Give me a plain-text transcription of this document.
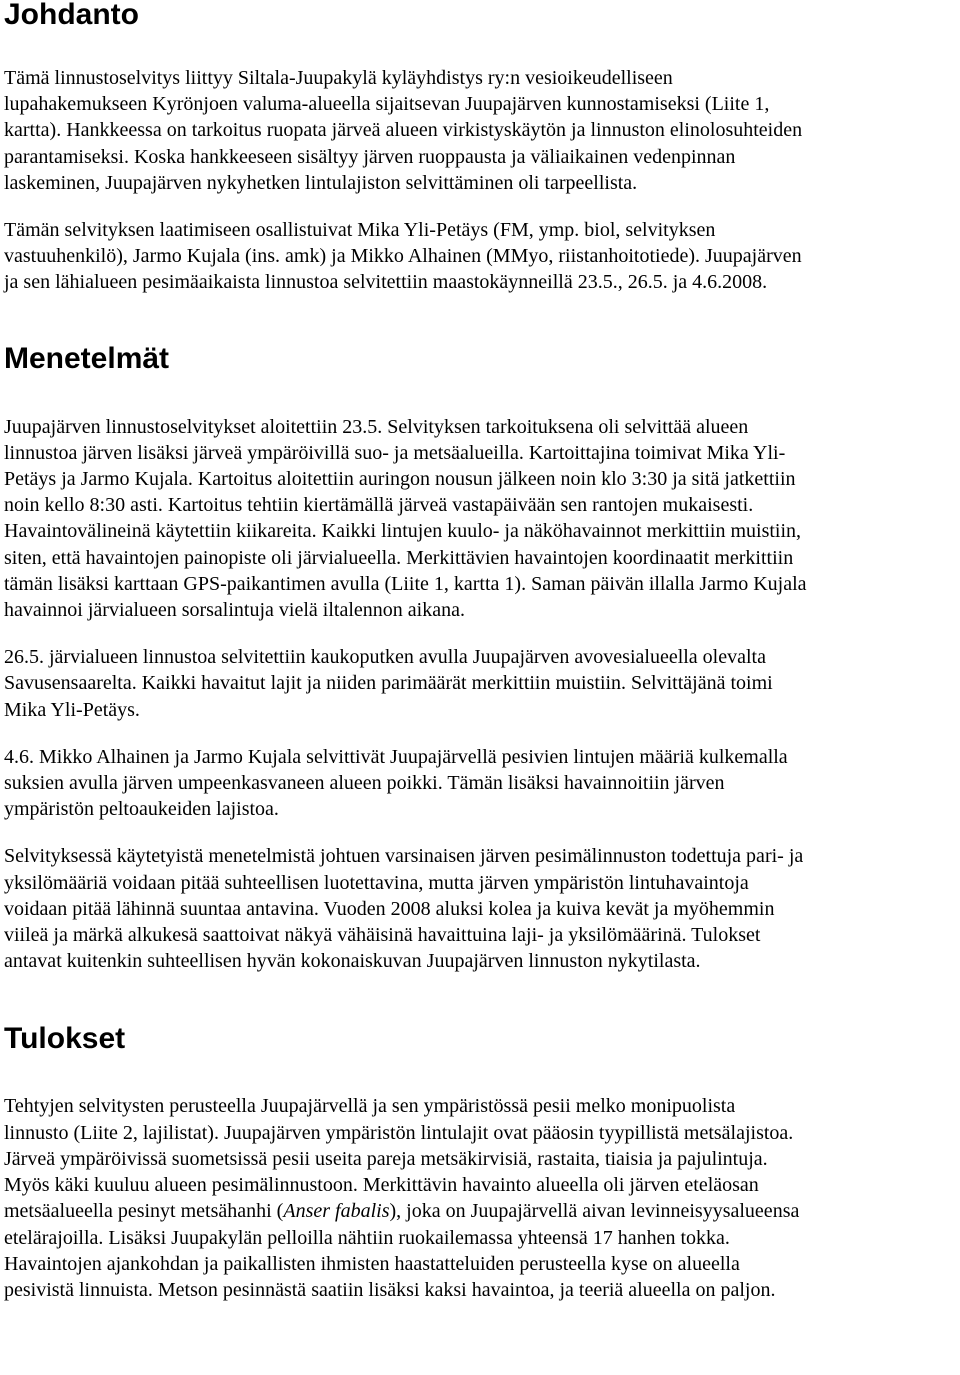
Johdanto

Tämä linnustoselvitys liittyy Siltala-Juupakylä kyläyhdistys ry:n vesioikeudelliseen
lupahakemukseen Kyrönjoen valuma-alueella sijaitsevan Juupajärven kunnostamiseksi (Liite 1,
kartta). Hankkeessa on tarkoitus ruopata järveä alueen virkistyskäytön ja linnuston elinolosuhteiden
parantamiseksi. Koska hankkeeseen sisältyy järven ruoppausta ja väliaikainen vedenpinnan
laskeminen, Juupajärven nykyhetken lintulajiston selvittäminen oli tarpeellista.

Tämän selvityksen laatimiseen osallistuivat Mika Yli-Petäys (FM, ymp. biol, selvityksen
vastuuhenkilö), Jarmo Kujala (ins. amk) ja Mikko Alhainen (MMyo, riistanhoitotiede). Juupajärven
ja sen lähialueen pesimäaikaista linnustoa selvitettiin maastokäynneillä 23.5., 26.5. ja 4.6.2008.

Menetelmät

Juupajärven linnustoselvitykset aloitettiin 23.5. Selvityksen tarkoituksena oli selvittää alueen
linnustoa järven lisäksi järveä ympäröivillä suo- ja metsäalueilla. Kartoittajina toimivat Mika Yli-
Petäys ja Jarmo Kujala. Kartoitus aloitettiin auringon nousun jälkeen noin klo 3:30 ja sitä jatkettiin
noin kello 8:30 asti. Kartoitus tehtiin kiertämällä järveä vastapäivään sen rantojen mukaisesti.
Havaintovälineinä käytettiin kiikareita. Kaikki lintujen kuulo- ja näköhavainnot merkittiin muistiin,
siten, että havaintojen painopiste oli järvialueella. Merkittävien havaintojen koordinaatit merkittiin
tämän lisäksi karttaan GPS-paikantimen avulla (Liite 1, kartta 1). Saman päivän illalla Jarmo Kujala
havainnoi järvialueen sorsalintuja vielä iltalennon aikana.

26.5. järvialueen linnustoa selvitettiin kaukoputken avulla Juupajärven avovesialueella olevalta
Savusensaarelta. Kaikki havaitut lajit ja niiden parimäärät merkittiin muistiin. Selvittäjänä toimi
Mika Yli-Petäys.

4.6. Mikko Alhainen ja Jarmo Kujala selvittivät Juupajärvellä pesivien lintujen määriä kulkemalla
suksien avulla järven umpeenkasvaneen alueen poikki. Tämän lisäksi havainnoitiin järven
ympäristön peltoaukeiden lajistoa.

Selvityksessä käytetyistä menetelmistä johtuen varsinaisen järven pesimälinnuston todettuja pari- ja
yksilömääriä voidaan pitää suhteellisen luotettavina, mutta järven ympäristön lintuhavaintoja
voidaan pitää lähinnä suuntaa antavina. Vuoden 2008 aluksi kolea ja kuiva kevät ja myöhemmin
viileä ja märkä alkukesä saattoivat näkyä vähäisinä havaittuina laji- ja yksilömäärinä. Tulokset
antavat kuitenkin suhteellisen hyvän kokonaiskuvan Juupajärven linnuston nykytilasta.

Tulokset

Tehtyjen selvitysten perusteella Juupajärvellä ja sen ympäristössä pesii melko monipuolista
linnusto (Liite 2, lajilistat). Juupajärven ympäristön lintulajit ovat pääosin tyypillistä metsälajistoa.
Järveä ympäröivissä suometsissä pesii useita pareja metsäkirvisiä, rastaita, tiaisia ja pajulintuja.
Myös käki kuuluu alueen pesimälinnustoon. Merkittävin havainto alueella oli järven eteläosan
metsäalueella pesinyt metsähanhi (Anser fabalis), joka on Juupajärvellä aivan levinneisyysalueensa
etelärajoilla. Lisäksi Juupakylän pelloilla nähtiin ruokailemassa yhteensä 17 hanhen tokka.
Havaintojen ajankohdan ja paikallisten ihmisten haastatteluiden perusteella kyse on alueella
pesivistä linnuista. Metson pesinnästä saatiin lisäksi kaksi havaintoa, ja teeriä alueella on paljon.
